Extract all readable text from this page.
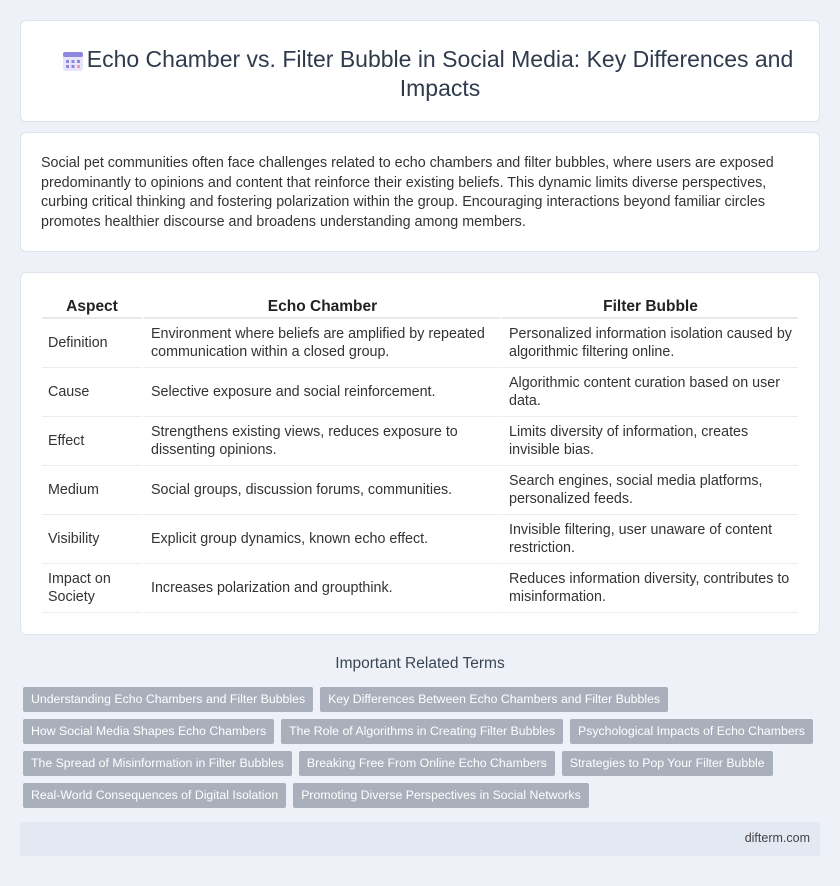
Echo Chamber vs. Filter Bubble in Social Media: Key Differences and Impacts

Social pet communities often face challenges related to echo chambers and filter bubbles, where users are exposed predominantly to opinions and content that reinforce their existing beliefs. This dynamic limits diverse perspectives, curbing critical thinking and fostering polarization within the group. Encouraging interactions beyond familiar circles promotes healthier discourse and broadens understanding among members.

Aspect	Echo Chamber	Filter Bubble
Definition	Environment where beliefs are amplified by repeated communication within a closed group.	Personalized information isolation caused by algorithmic filtering online.
Cause	Selective exposure and social reinforcement.	Algorithmic content curation based on user data.
Effect	Strengthens existing views, reduces exposure to dissenting opinions.	Limits diversity of information, creates invisible bias.
Medium	Social groups, discussion forums, communities.	Search engines, social media platforms, personalized feeds.
Visibility	Explicit group dynamics, known echo effect.	Invisible filtering, user unaware of content restriction.
Impact on Society	Increases polarization and groupthink.	Reduces information diversity, contributes to misinformation.
Important Related Terms
Understanding Echo Chambers and Filter Bubbles	Key Differences Between Echo Chambers and Filter Bubbles
How Social Media Shapes Echo Chambers	The Role of Algorithms in Creating Filter Bubbles	Psychological Impacts of Echo Chambers
The Spread of Misinformation in Filter Bubbles	Breaking Free From Online Echo Chambers	Strategies to Pop Your Filter Bubble
Real-World Consequences of Digital Isolation	Promoting Diverse Perspectives in Social Networks
difterm.com
